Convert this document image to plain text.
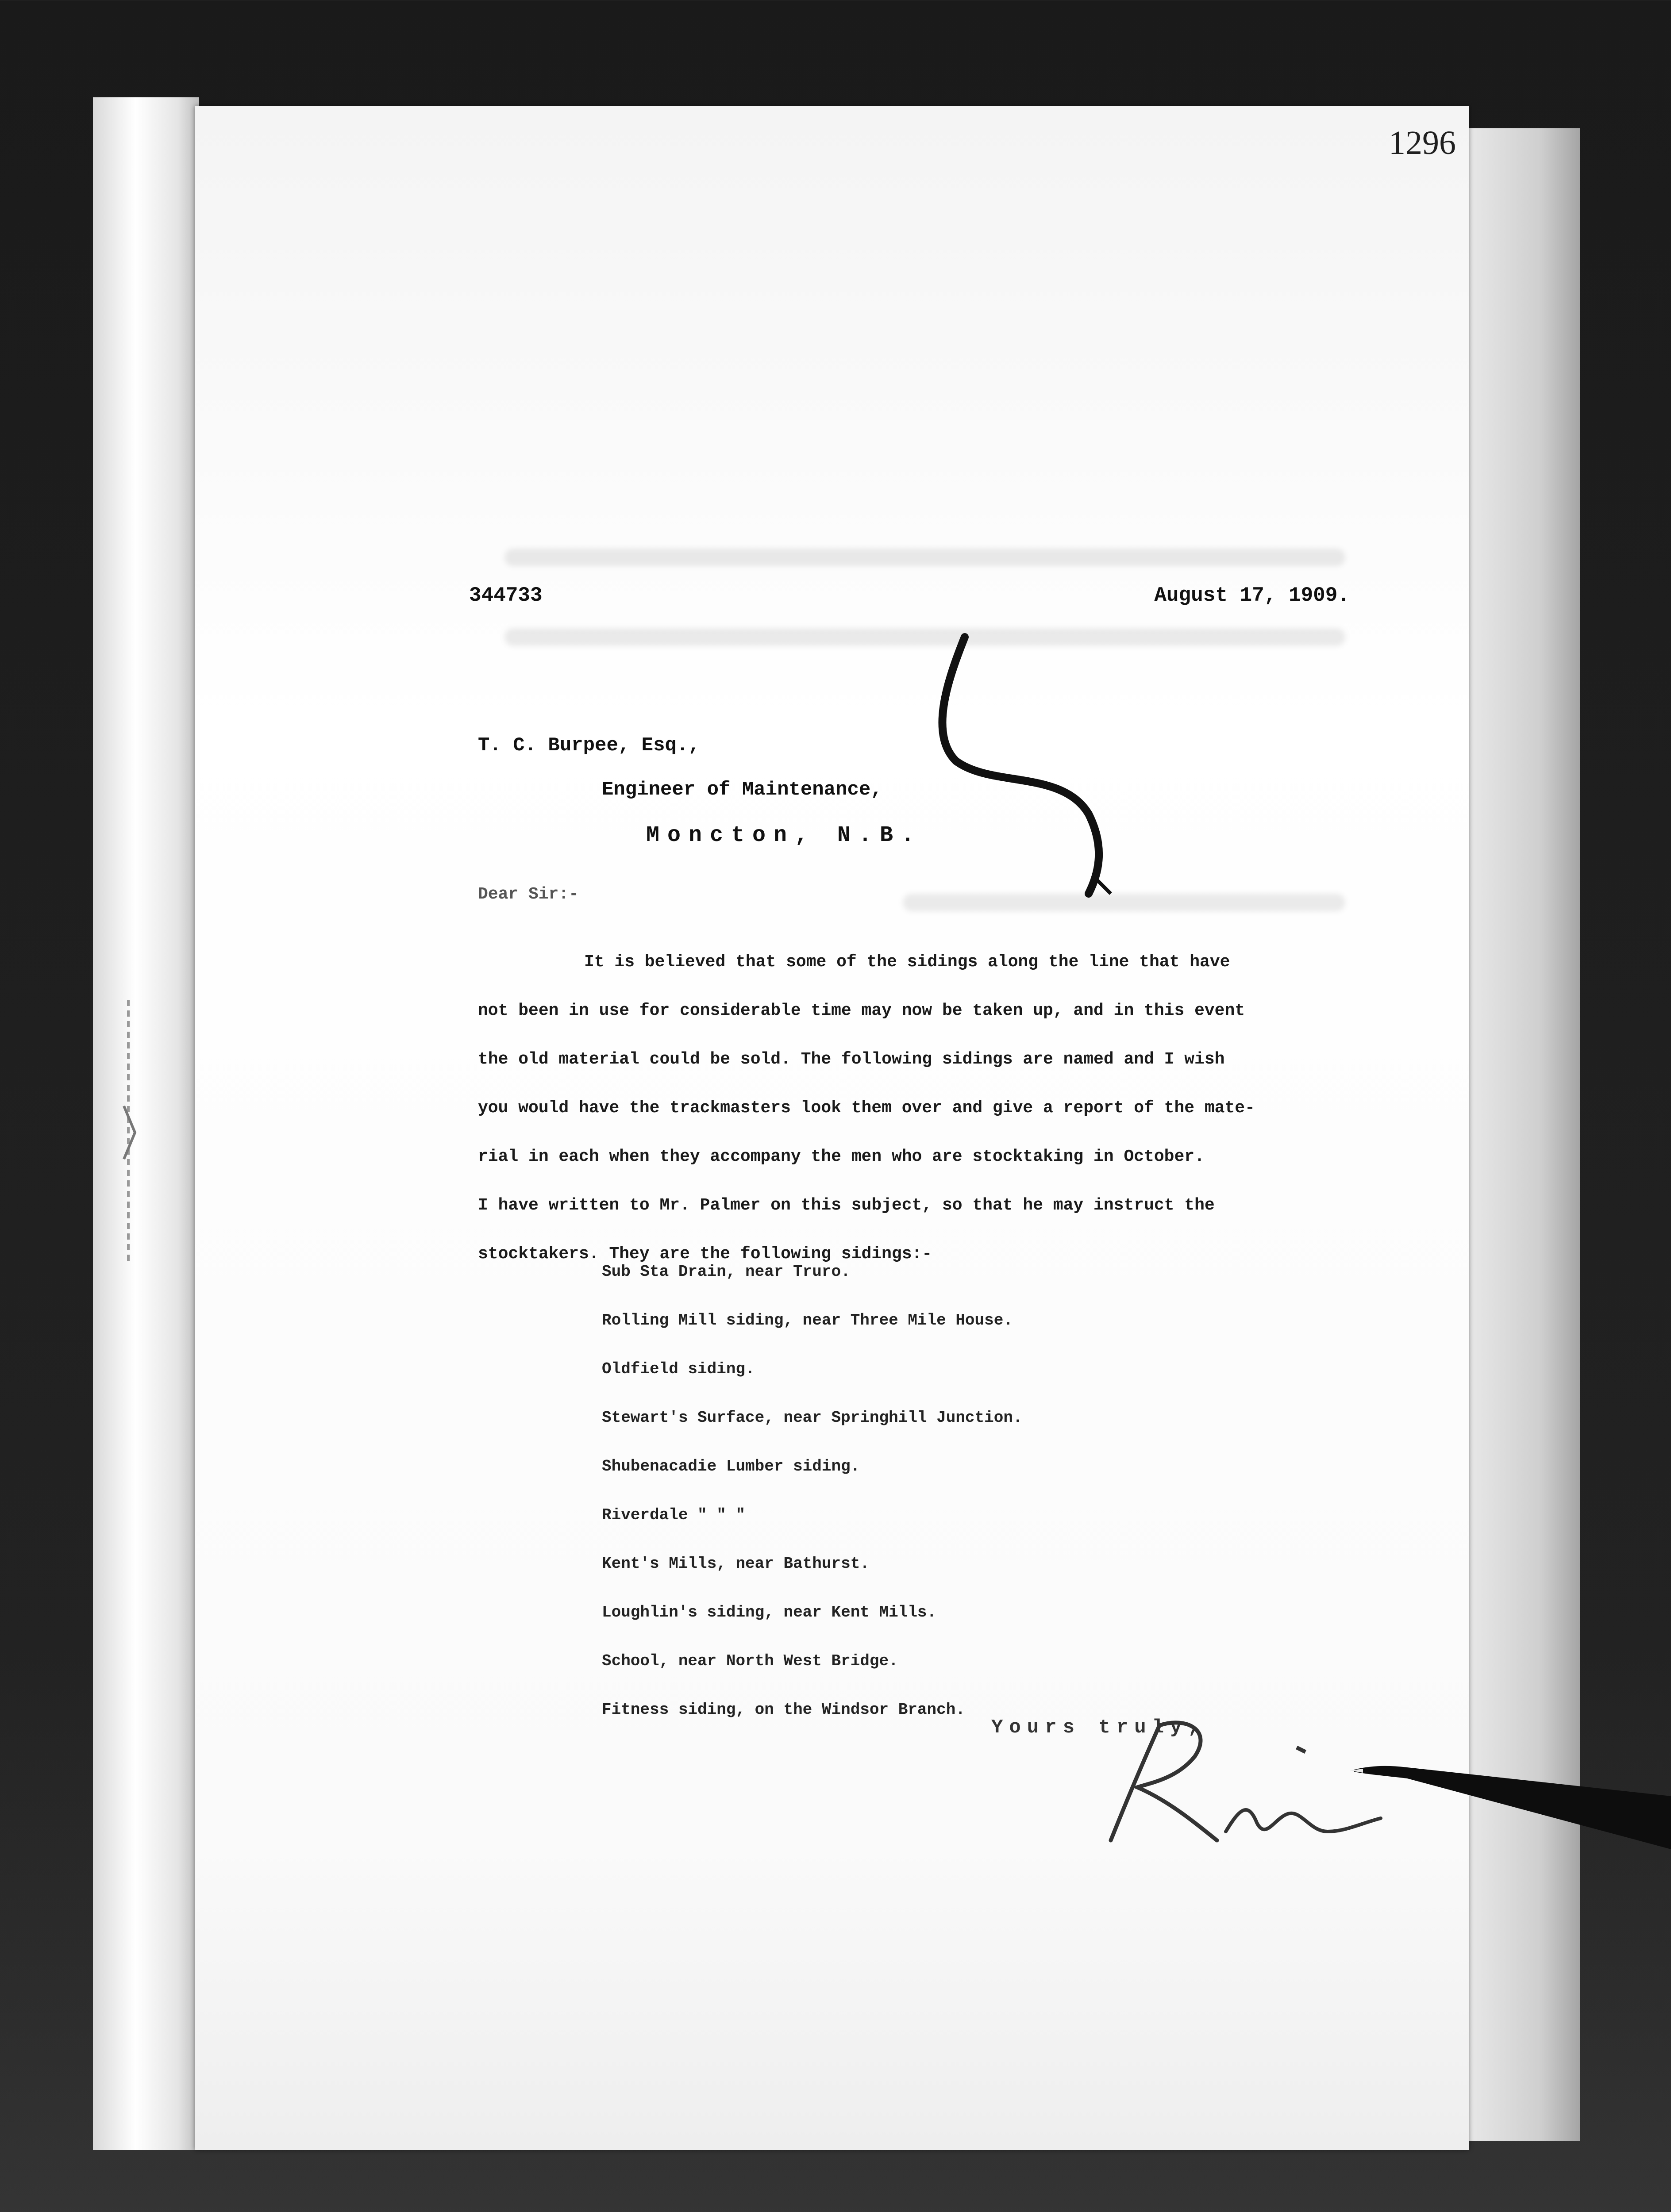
1296
344733	August 17, 1909.
T. C. Burpee, Esq.,
Engineer of Maintenance,
Moncton, N.B.
Dear Sir:-

It is believed that some of the sidings along the line that have
not been in use for considerable time may now be taken up, and in this event
the old material could be sold. The following sidings are named and I wish
you would have the trackmasters look them over and give a report of the mate-
rial in each when they accompany the men who are stocktaking in October.
I have written to Mr. Palmer on this subject, so that he may instruct the
stocktakers. They are the following sidings:-

Sub Sta Drain, near Truro.
Rolling Mill siding, near Three Mile House.
Oldfield siding.
Stewart's Surface, near Springhill Junction.
Shubenacadie Lumber siding.
Riverdale " " "
Kent's Mills, near Bathurst.
Loughlin's siding, near Kent Mills.
School, near North West Bridge.
Fitness siding, on the Windsor Branch.
Yours truly,
